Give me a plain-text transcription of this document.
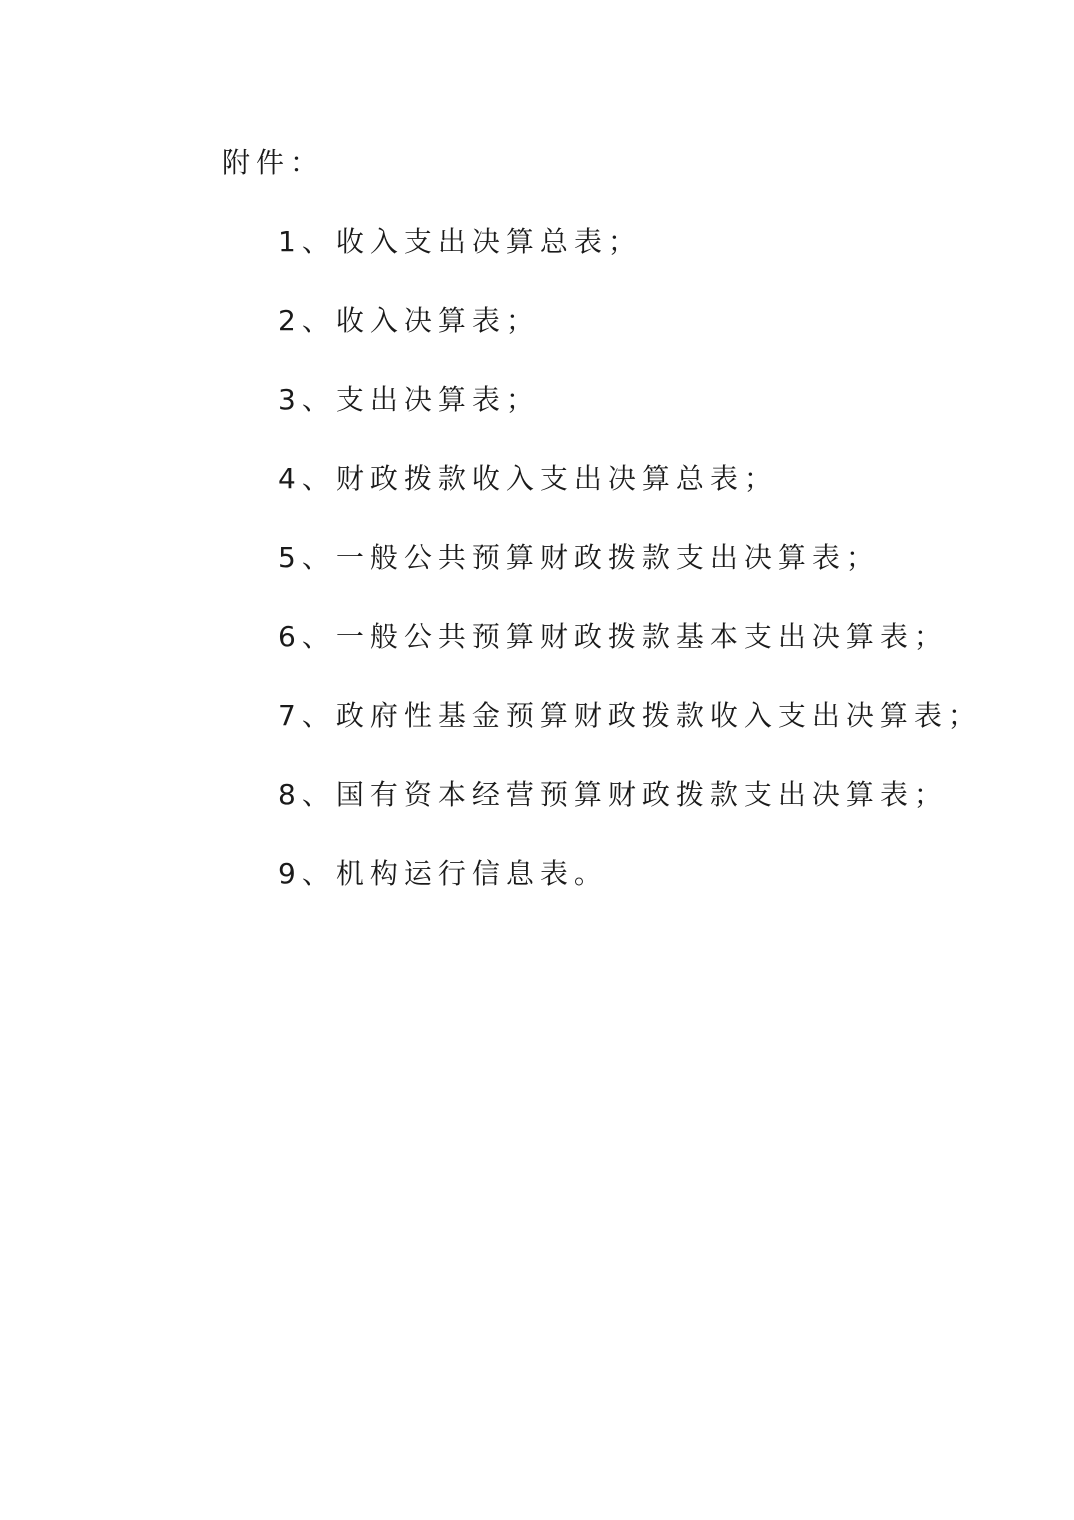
附件：
1、收入支出决算总表；
2、收入决算表；
3、支出决算表；
4、财政拨款收入支出决算总表；
5、一般公共预算财政拨款支出决算表；
6、一般公共预算财政拨款基本支出决算表；
7、政府性基金预算财政拨款收入支出决算表；
8、国有资本经营预算财政拨款支出决算表；
9、机构运行信息表。
